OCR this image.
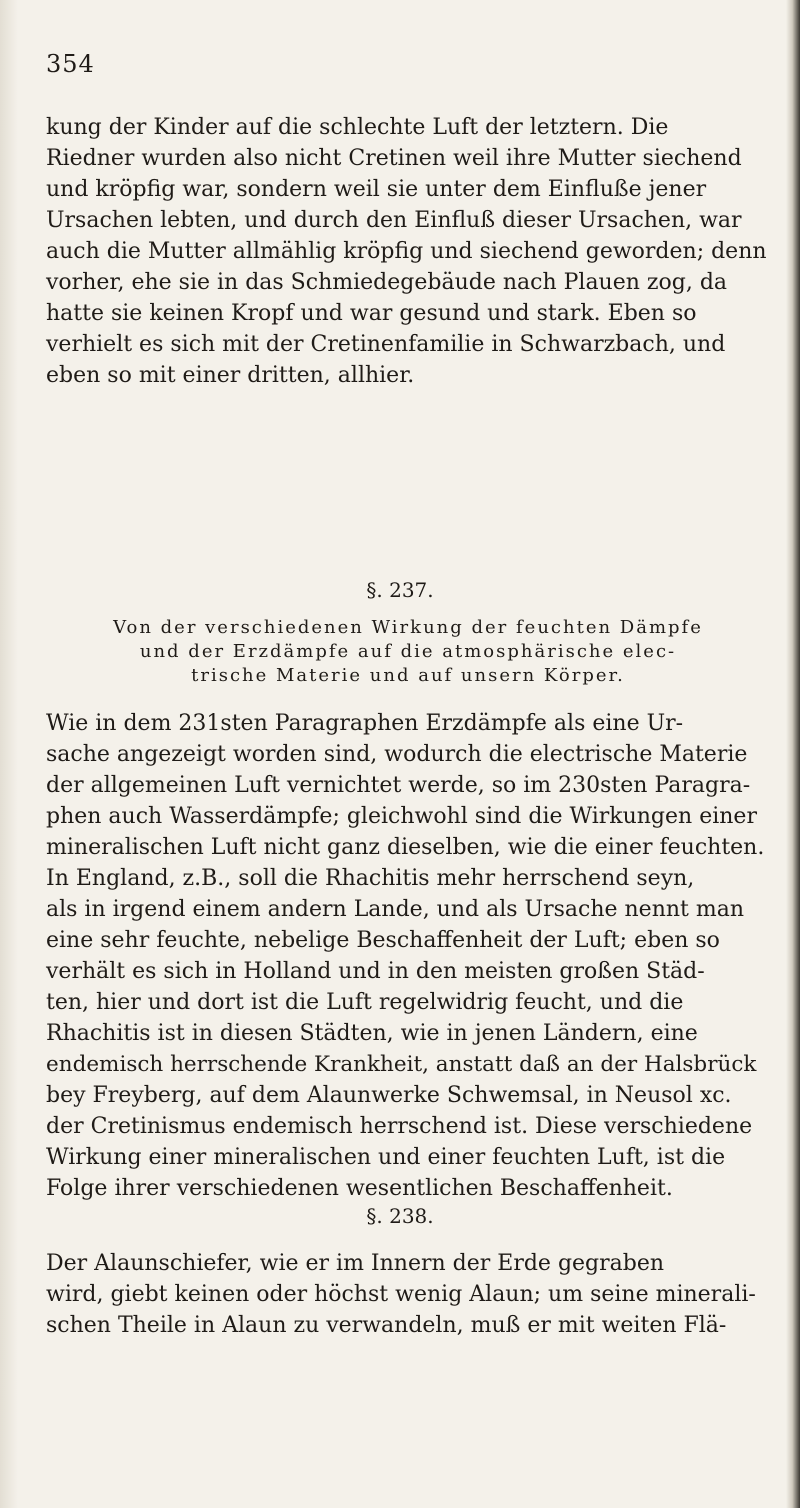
354

kung der Kinder auf die schlechte Luft der letztern. Die
Riedner wurden also nicht Cretinen weil ihre Mutter siechend
und kröpfig war, sondern weil sie unter dem Einfluße jener
Ursachen lebten, und durch den Einfluß dieser Ursachen, war
auch die Mutter allmählig kröpfig und siechend geworden; denn
vorher, ehe sie in das Schmiedegebäude nach Plauen zog, da
hatte sie keinen Kropf und war gesund und stark. Eben so
verhielt es sich mit der Cretinenfamilie in Schwarzbach, und
eben so mit einer dritten, allhier.

§. 237.

Von der verschiedenen Wirkung der feuchten Dämpfe
und der Erzdämpfe auf die atmosphärische elec-
trische Materie und auf unsern Körper.

Wie in dem 231sten Paragraphen Erzdämpfe als eine Ur-
sache angezeigt worden sind, wodurch die electrische Materie
der allgemeinen Luft vernichtet werde, so im 230sten Paragra-
phen auch Wasserdämpfe; gleichwohl sind die Wirkungen einer
mineralischen Luft nicht ganz dieselben, wie die einer feuchten.
In England, z.B., soll die Rhachitis mehr herrschend seyn,
als in irgend einem andern Lande, und als Ursache nennt man
eine sehr feuchte, nebelige Beschaffenheit der Luft; eben so
verhält es sich in Holland und in den meisten großen Städ-
ten, hier und dort ist die Luft regelwidrig feucht, und die
Rhachitis ist in diesen Städten, wie in jenen Ländern, eine
endemisch herrschende Krankheit, anstatt daß an der Halsbrück
bey Freyberg, auf dem Alaunwerke Schwemsal, in Neusol xc.
der Cretinismus endemisch herrschend ist. Diese verschiedene
Wirkung einer mineralischen und einer feuchten Luft, ist die
Folge ihrer verschiedenen wesentlichen Beschaffenheit.

§. 238.

Der Alaunschiefer, wie er im Innern der Erde gegraben
wird, giebt keinen oder höchst wenig Alaun; um seine minerali-
schen Theile in Alaun zu verwandeln, muß er mit weiten Flä-
